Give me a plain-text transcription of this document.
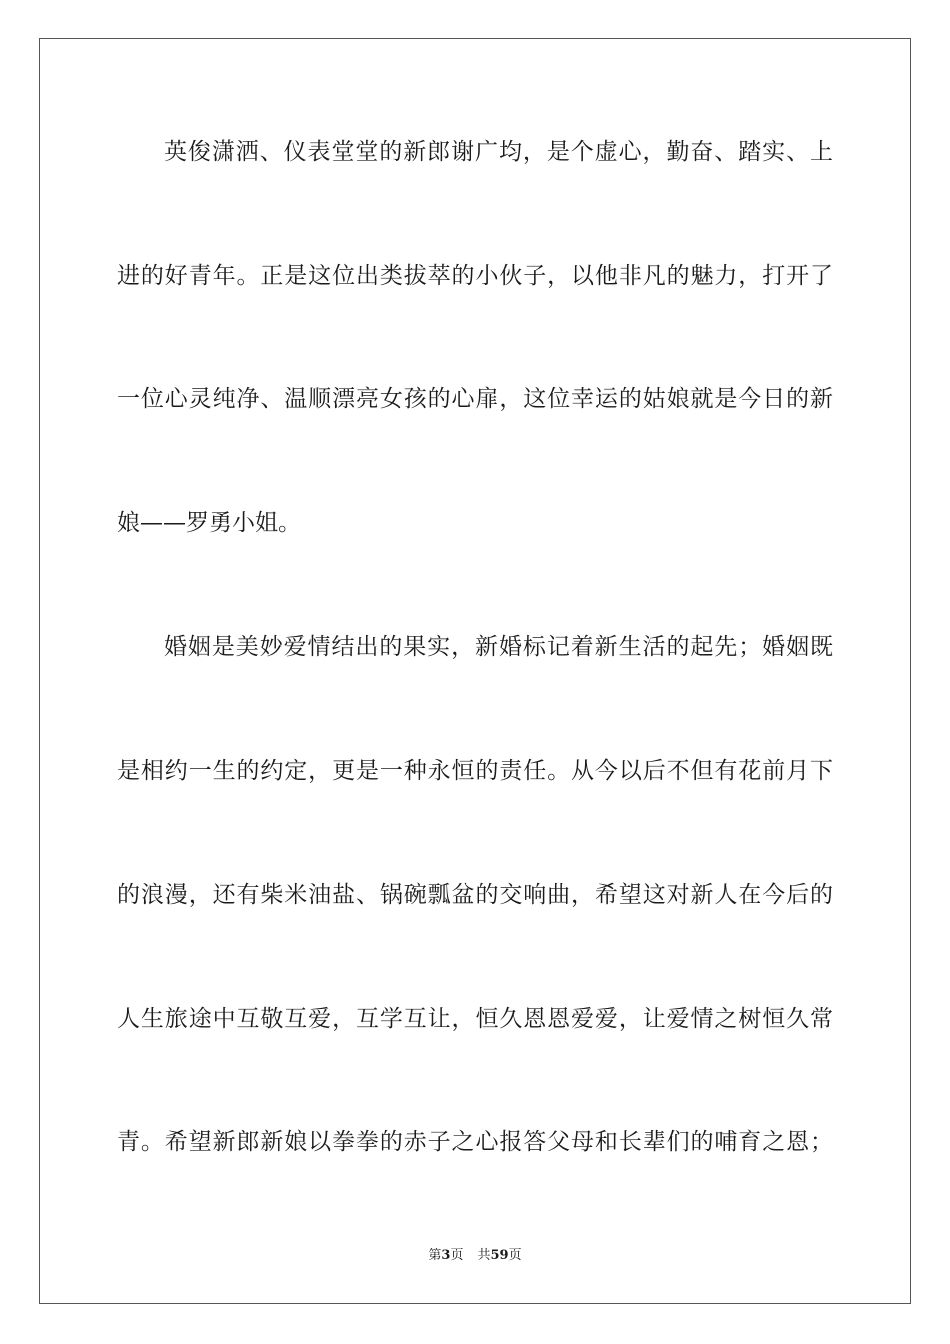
英俊潇洒、仪表堂堂的新郎谢广均，是个虚心，勤奋、踏实、上
进的好青年。正是这位出类拔萃的小伙子，以他非凡的魅力，打开了
一位心灵纯净、温顺漂亮女孩的心扉，这位幸运的姑娘就是今日的新
娘——罗勇小姐。
婚姻是美妙爱情结出的果实，新婚标记着新生活的起先；婚姻既
是相约一生的约定，更是一种永恒的责任。从今以后不但有花前月下
的浪漫，还有柴米油盐、锅碗瓢盆的交响曲，希望这对新人在今后的
人生旅途中互敬互爱，互学互让，恒久恩恩爱爱，让爱情之树恒久常
青。希望新郎新娘以拳拳的赤子之心报答父母和长辈们的哺育之恩；
第3页 共59页
